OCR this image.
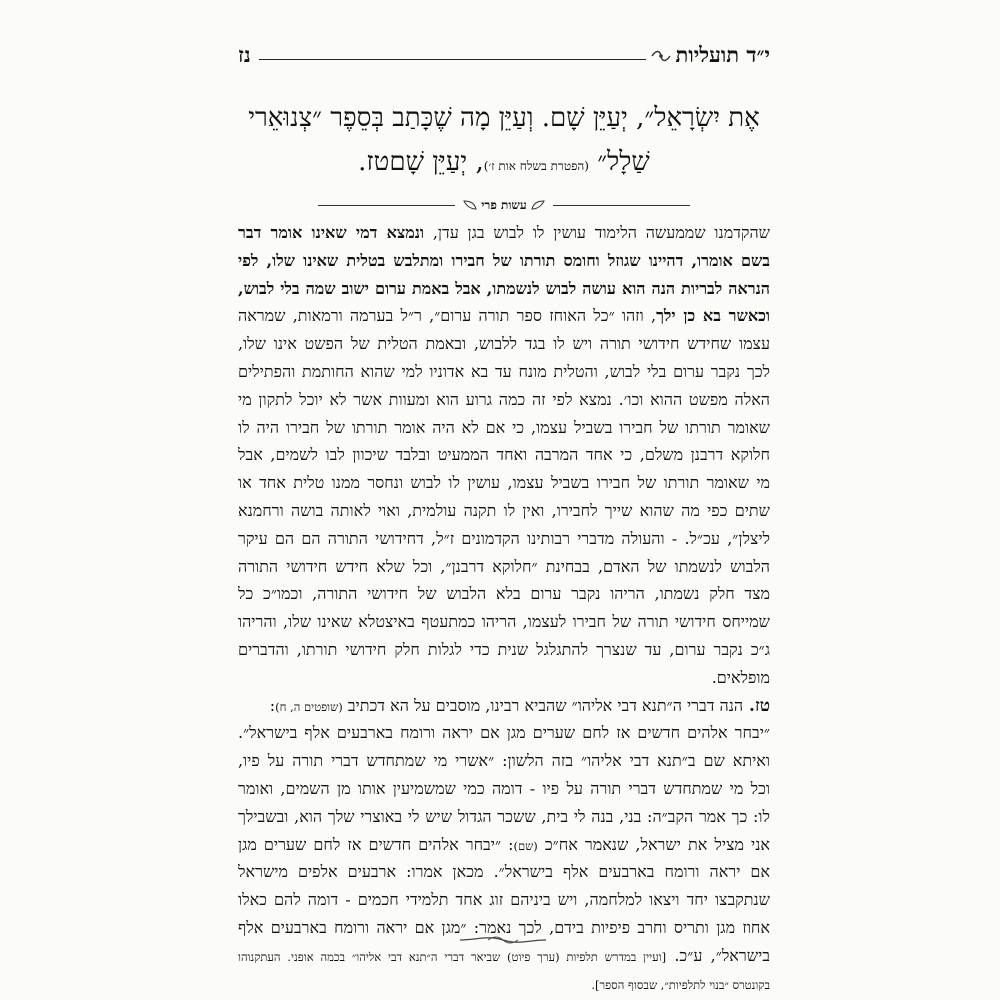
י״ד תועליות
נז
אֶת יִשְׂרָאֵל״, יְעַיֵּן שָׁם. וְעַיֵּן מָה שֶׁכָּתַב בְּסֵפֶר ״צְנוּאֵרי
שַׁלָל״ (הפטרת בשלח אות ז׳), יְעַיֵּן שָׁםטז.
עשות פרי
שהקדמנו שממעשה הלימוד עושין לו לבוש בגן עדן, ונמצא דמי שאינו אומר דבר
בשם אומרו, דהיינו שגוזל וחומס תורתו של חבירו ומתלבש בטלית שאינו שלו, לפי
הנראה לבריות הנה הוא עושה לבוש לנשמתו, אבל באמת ערום ישוב שמה בלי לבוש,
וכאשר בא כן ילך, וזהו ״כל האוחז ספר תורה ערום״, ר״ל בערמה ורמאות, שמראה
עצמו שחידש חידושי תורה ויש לו בגד ללבוש, ובאמת הטלית של הפשט אינו שלו,
לכך נקבר ערום בלי לבוש, והטלית מונח עד בא אדוניו למי שהוא החותמת והפתילים
האלה מפשט ההוא וכו׳. נמצא לפי זה כמה גרוע הוא ומעוות אשר לא יוכל לתקון מי
שאומר תורתו של חבירו בשביל עצמו, כי אם לא היה אומר תורתו של חבירו היה לו
חלוקא דרבנן משלם, כי אחד המרבה ואחד הממעיט ובלבד שיכוון לבו לשמים, אבל
מי שאומר תורתו של חבירו בשביל עצמו, עושין לו לבוש ונחסר ממנו טלית אחד או
שתים כפי מה שהוא שייך לחבירו, ואין לו תקנה עולמית, ואוי לאותה בושה ורחמנא
ליצלן״, עכ״ל. - והעולה מדברי רבותינו הקדמונים ז״ל, דחידושי התורה הם הם עיקר
הלבוש לנשמתו של האדם, בבחינת ״חלוקא דרבנן״, וכל שלא חידש חידושי התורה
מצד חלק נשמתו, הריהו נקבר ערום בלא הלבוש של חידושי התורה, וכמו״כ כל
שמייחס חידושי תורה של חבירו לעצמו, הריהו כמתעטף באיצטלא שאינו שלו, והריהו
ג״כ נקבר ערום, עד שנצרך להתגלגל שנית כדי לגלות חלק חידושי תורתו, והדברים
מופלאים.
טז. הנה דברי ה״תנא דבי אליהו״ שהביא רבינו, מוסבים על הא דכתיב (שופטים ה, ח):
״יבחר אלהים חדשים אז לחם שערים מגן אם יראה ורומח בארבעים אלף בישראל״.
ואיתא שם ב״תנא דבי אליהו״ בזה הלשון: ״אשרי מי שמתחדש דברי תורה על פיו,
וכל מי שמתחדש דברי תורה על פיו - דומה כמי שמשמיעין אותו מן השמים, ואומר
לו: כך אמר הקב״ה: בני, בנה לי בית, ששכר הגדול שיש לי באוצרי שלך הוא, ובשבילך
אני מציל את ישראל, שנאמר אח״כ (שם): ״יבחר אלהים חדשים אז לחם שערים מגן
אם יראה ורומח בארבעים אלף בישראל״. מכאן אמרו: ארבעים אלפים מישראל
שנתקבצו יחד ויצאו למלחמה, ויש ביניהם זוג אחד תלמידי חכמים - דומה להם כאלו
אחוז מגן ותריס וחרב פיפיות בידם, לכך נאמר: ״מגן אם יראה ורומח בארבעים אלף
בישראל״, ע״כ. [ועיין במדרש תלפיות (ערך פיוט) שביאר דברי ה״תנא דבי אליהו״ בכמה אופני. העתקנוהו
בקונטרס ״בנוי לתלפיות״, שבסוף הספר].
